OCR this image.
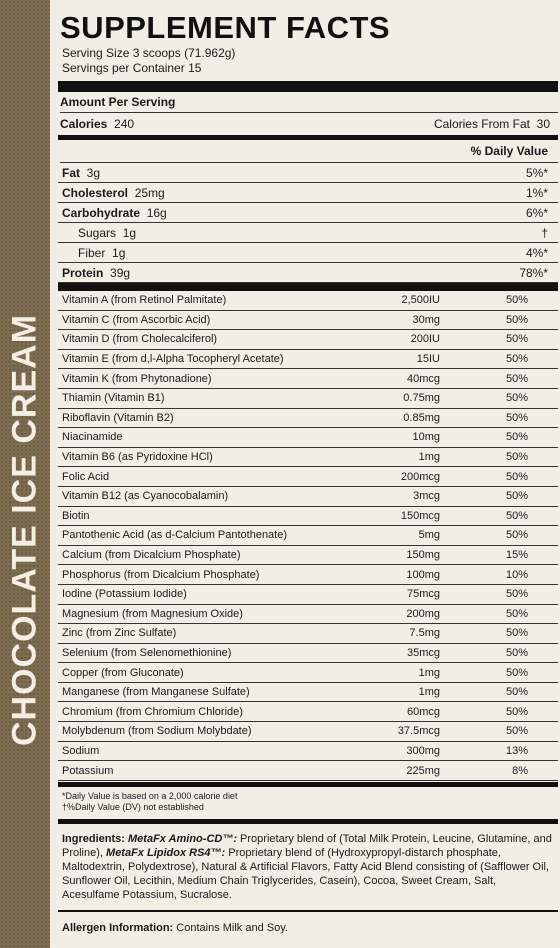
CHOCOLATE ICE CREAM
SUPPLEMENT FACTS
Serving Size 3 scoops (71.962g)
Servings per Container 15
Amount Per Serving
Calories 240	Calories From Fat 30
% Daily Value
Fat 3g	5%*
Cholesterol 25mg	1%*
Carbohydrate 16g	6%*
Sugars 1g	†
Fiber 1g	4%*
Protein 39g	78%*
Vitamin A (from Retinol Palmitate)	2,500IU	50%
Vitamin C (from Ascorbic Acid)	30mg	50%
Vitamin D (from Cholecalciferol)	200IU	50%
Vitamin E (from d,l-Alpha Tocopheryl Acetate)	15IU	50%
Vitamin K (from Phytonadione)	40mcg	50%
Thiamin (Vitamin B1)	0.75mg	50%
Riboflavin (Vitamin B2)	0.85mg	50%
Niacinamide	10mg	50%
Vitamin B6 (as Pyridoxine HCl)	1mg	50%
Folic Acid	200mcg	50%
Vitamin B12 (as Cyanocobalamin)	3mcg	50%
Biotin	150mcg	50%
Pantothenic Acid (as d-Calcium Pantothenate)	5mg	50%
Calcium (from Dicalcium Phosphate)	150mg	15%
Phosphorus (from Dicalcium Phosphate)	100mg	10%
Iodine (Potassium Iodide)	75mcg	50%
Magnesium (from Magnesium Oxide)	200mg	50%
Zinc (from Zinc Sulfate)	7.5mg	50%
Selenium (from Selenomethionine)	35mcg	50%
Copper (from Gluconate)	1mg	50%
Manganese (from Manganese Sulfate)	1mg	50%
Chromium (from Chromium Chloride)	60mcg	50%
Molybdenum (from Sodium Molybdate)	37.5mcg	50%
Sodium	300mg	13%
Potassium	225mg	8%
*Daily Value is based on a 2,000 calorie diet
†%Daily Value (DV) not established
Ingredients: MetaFx Amino-CD™: Proprietary blend of (Total Milk Protein, Leucine, Glutamine, and Proline), MetaFx Lipidox RS4™: Proprietary blend of (Hydroxypropyl-distarch phosphate, Maltodextrin, Polydextrose), Natural & Artificial Flavors, Fatty Acid Blend consisting of (Safflower Oil, Sunflower Oil, Lecithin, Medium Chain Triglycerides, Casein), Cocoa, Sweet Cream, Salt, Acesulfame Potassium, Sucralose.
Allergen Information: Contains Milk and Soy.
